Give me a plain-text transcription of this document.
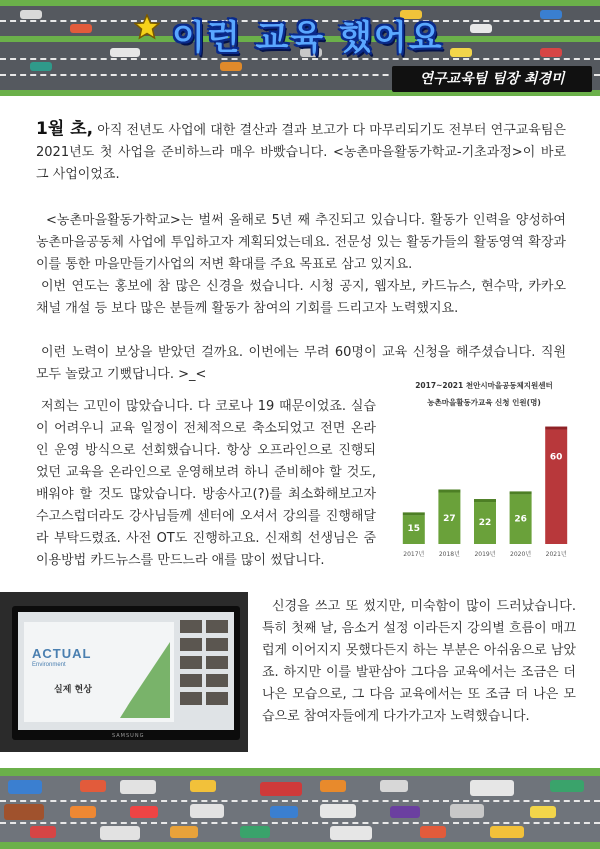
이런 교육 했어요
연구교육팀 팀장 최경미

1월 초, 아직 전년도 사업에 대한 결산과 결과 보고가 다 마무리되기도 전부터 연구교육팀은 2021년도 첫 사업을 준비하느라 매우 바빴습니다. <농촌마을활동가학교-기초과정>이 바로 그 사업이었죠.

<농촌마을활동가학교>는 벌써 올해로 5년 째 추진되고 있습니다. 활동가 인력을 양성하여 농촌마을공동체 사업에 투입하고자 계획되었는데요. 전문성 있는 활동가들의 활동영역 확장과 이를 통한 마을만들기사업의 저변 확대를 주요 목표로 삼고 있지요.

이번 연도는 홍보에 참 많은 신경을 썼습니다. 시청 공지, 웹자보, 카드뉴스, 현수막, 카카오 채널 개설 등 보다 많은 분들께 활동가 참여의 기회를 드리고자 노력했지요.

이런 노력이 보상을 받았던 걸까요. 이번에는 무려 60명이 교육 신청을 해주셨습니다. 직원 모두 놀랐고 기뻤답니다. >_<

저희는 고민이 많았습니다. 다 코로나 19 때문이었죠. 실습이 어려우니 교육 일정이 전체적으로 축소되었고 전면 온라인 운영 방식으로 선회했습니다. 항상 오프라인으로 진행되었던 교육을 온라인으로 운영해보려 하니 준비해야 할 것도, 배워야 할 것도 많았습니다. 방송사고(?)를 최소화해보고자 수고스럽더라도 강사님들께 센터에 오셔서 강의를 진행해달라 부탁드렸죠. 사전 OT도 진행하고요. 신재희 선생님은 줌 이용방법 카드뉴스를 만드느라 애를 많이 썼답니다.

2017~2021 천안시마을공동체지원센터
농촌마을활동가교육 신청 인원(명)
15
2017년
27
2018년
22
2019년
26
2020년
60
2021년
ACTUAL
Environment
실제 현상
SAMSUNG

신경을 쓰고 또 썼지만, 미숙함이 많이 드러났습니다. 특히 첫째 날, 음소거 설정 이라든지 강의별 흐름이 매끄럽게 이어지지 못했다든지 하는 부분은 아쉬움으로 남았죠. 하지만 이를 발판삼아 그다음 교육에서는 조금은 더 나은 모습으로, 그 다음 교육에서는 또 조금 더 나은 모습으로 참여자들에게 다가가고자 노력했습니다.
